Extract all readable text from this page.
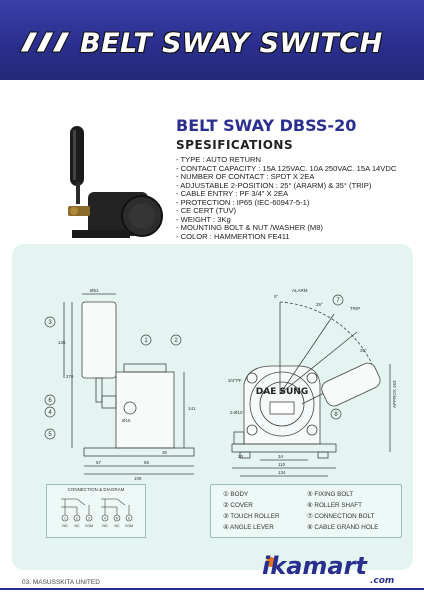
BELT SWAY SWITCH
BELT SWAY DBSS-20
SPESIFICATIONS
- TYPE : AUTO RETURN
- CONTACT CAPACITY : 15A 125VAC. 10A 250VAC. 15A 14VDC
- NUMBER OF CONTACT : SPDT X 2EA
- ADJUSTABLE 2-POSITION : 25° (ARARM) & 35° (TRIP)
- CABLE ENTRY : PF 3/4" X 2EA
- PROTECTION : IP65 (IEC-60947-5-1)
- CE CERT (TUV)
- WEIGHT : 3Kg
- MOUNTING BOLT & NUT /WASHER (M8)
- COLOR : HAMMERTION FE411
3
1	2
6
4
5
7
8
ALARM
TRIP
3/4"PF
2-Ø10
APPROX.163
Ø51
136
276
Ø15
35
55
57
109
141
20	34
110
134
35°
25°
0°
DAE SUNG
CONNECTION & DIAGRAM
1	2	3	4	5	6
NO NC COM	NO NC COM
① BODY
② COVER
③ TOUCH ROLLER
④ ANGLE LEVER
⑤ FIXING BOLT
⑥ ROLLER SHAFT
⑦ CONNECTION BOLT
⑧ CABLE GRAND HOLE
03. MASUSSKITA UNITED
ikamart
.com
